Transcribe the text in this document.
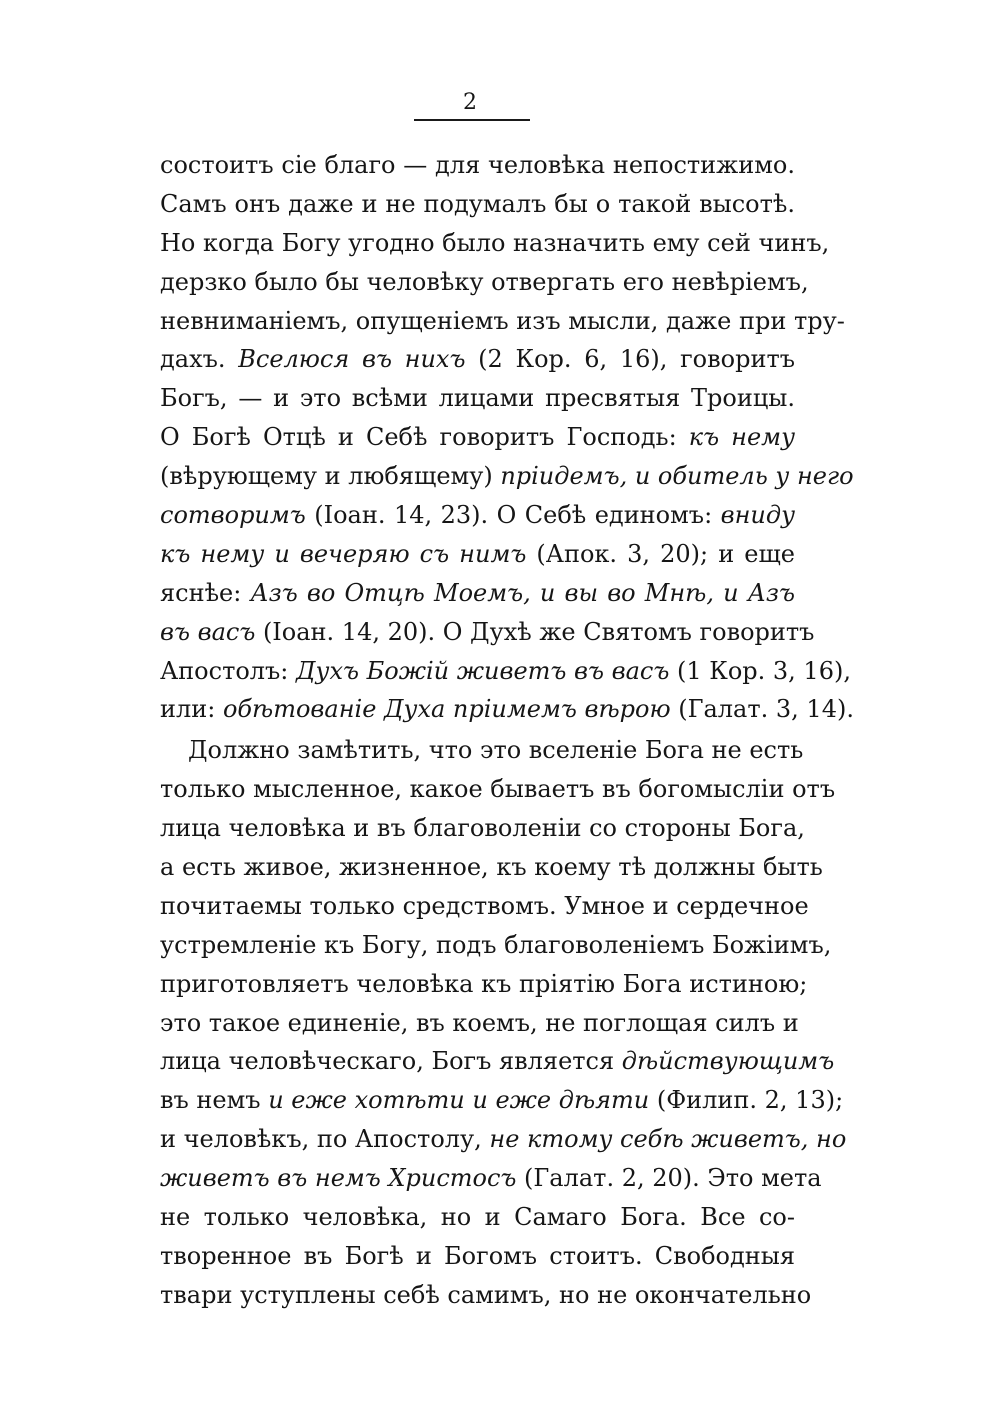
2
состоитъ сіе благо — для человѣка непостижимо.
Самъ онъ даже и не подумалъ бы о такой высотѣ.
Но когда Богу угодно было назначить ему сей чинъ,
дерзко было бы человѣку отвергать его невѣріемъ,
невниманіемъ, опущеніемъ изъ мысли, даже при тру-
дахъ. Вселюся въ нихъ (2 Кор. 6, 16), говоритъ
Богъ, — и это всѣми лицами пресвятыя Троицы.
О Богѣ Отцѣ и Себѣ говоритъ Господь: къ нему
(вѣрующему и любящему) пріидемъ, и обитель у него
сотворимъ (Іоан. 14, 23). О Себѣ единомъ: вниду
къ нему и вечеряю съ нимъ (Апок. 3, 20); и еще
яснѣе: Азъ во Отцѣ Моемъ, и вы во Мнѣ, и Азъ
въ васъ (Іоан. 14, 20). О Духѣ же Святомъ говоритъ
Апостолъ: Духъ Божій живетъ въ васъ (1 Кор. 3, 16),
или: обѣтованіе Духа пріимемъ вѣрою (Галат. 3, 14).
Должно замѣтить, что это вселеніе Бога не есть
только мысленное, какое бываетъ въ богомысліи отъ
лица человѣка и въ благоволеніи со стороны Бога,
а есть живое, жизненное, къ коему тѣ должны быть
почитаемы только средствомъ. Умное и сердечное
устремленіе къ Богу, подъ благоволеніемъ Божіимъ,
приготовляетъ человѣка къ пріятію Бога истиною;
это такое единеніе, въ коемъ, не поглощая силъ и
лица человѣческаго, Богъ является дѣйствующимъ
въ немъ и еже хотѣти и еже дѣяти (Филип. 2, 13);
и человѣкъ, по Апостолу, не ктому себѣ живетъ, но
живетъ въ немъ Христосъ (Галат. 2, 20). Это мета
не только человѣка, но и Самаго Бога. Все со-
творенное въ Богѣ и Богомъ стоитъ. Свободныя
твари уступлены себѣ самимъ, но не окончательно
